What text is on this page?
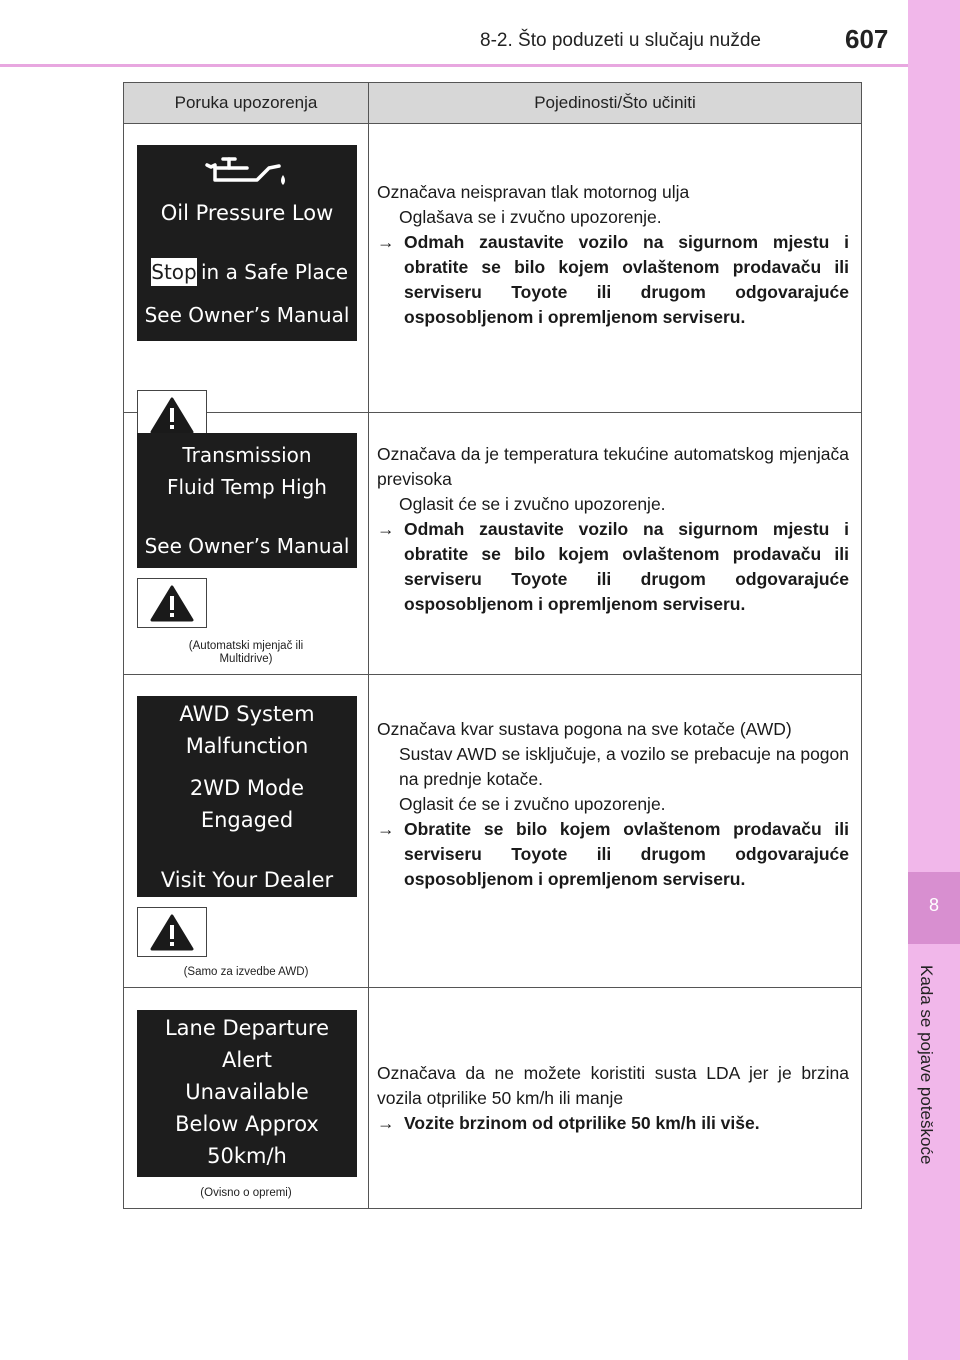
8-2. Što poduzeti u slučaju nužde	607
8
Kada se pojave poteškoće
Poruka upozorenja	Pojedinosti/Što učiniti
Oil Pressure Low
Stop in a Safe Place
See Owner’s Manual
Označava neispravan tlak motornog ulja
Oglašava se i zvučno upozorenje.
→ Odmah zaustavite vozilo na sigurnom mjestu i obratite se bilo kojem ovlaštenom prodavaču ili serviseru Toyote ili drugom odgovarajuće osposobljenom i opremljenom serviseru.
Transmission
Fluid Temp High
See Owner’s Manual
(Automatski mjenjač ili Multidrive)
Označava da je temperatura tekućine automatskog mjenjača previsoka
Oglasit će se i zvučno upozorenje.
→ Odmah zaustavite vozilo na sigurnom mjestu i obratite se bilo kojem ovlaštenom prodavaču ili serviseru Toyote ili drugom odgovarajuće osposobljenom i opremljenom serviseru.
AWD System
Malfunction
2WD Mode
Engaged
Visit Your Dealer
(Samo za izvedbe AWD)
Označava kvar sustava pogona na sve kotače (AWD)
Sustav AWD se isključuje, a vozilo se prebacuje na pogon na prednje kotače.
Oglasit će se i zvučno upozorenje.
→ Obratite se bilo kojem ovlaštenom prodavaču ili serviseru Toyote ili drugom odgovarajuće osposobljenom i opremljenom serviseru.
Lane Departure
Alert
Unavailable
Below Approx
50km/h
(Ovisno o opremi)
Označava da ne možete koristiti susta LDA jer je brzina vozila otprilike 50 km/h ili manje
→ Vozite brzinom od otprilike 50 km/h ili više.
